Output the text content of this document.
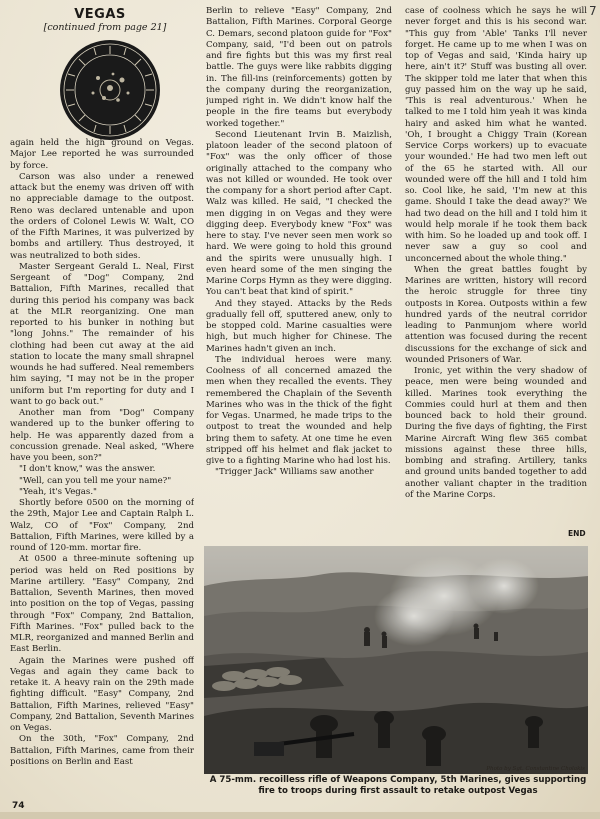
7
VEGAS
[continued from page 21]

again held the high ground on Vegas. Major Lee reported he was surrounded by force.

Carson was also under a renewed attack but the enemy was driven off with no appreciable damage to the outpost. Reno was declared untenable and upon the orders of Colonel Lewis W. Walt, CO of the Fifth Marines, it was pulverized by bombs and artillery. Thus destroyed, it was neutralized to both sides.

Master Sergeant Gerald L. Neal, First Sergeant of "Dog" Company, 2nd Battalion, Fifth Marines, recalled that during this period his company was back at the MLR reorganizing. One man reported to his bunker in nothing but "long Johns." The remainder of his clothing had been cut away at the aid station to locate the many small shrapnel wounds he had suffered. Neal remembers him saying, "I may not be in the proper uniform but I'm reporting for duty and I want to go back out."

Another man from "Dog" Company wandered up to the bunker offering to help. He was apparently dazed from a concussion grenade. Neal asked, "Where have you been, son?"

"I don't know," was the answer.

"Well, can you tell me your name?"

"Yeah, it's Vegas."

Shortly before 0500 on the morning of the 29th, Major Lee and Captain Ralph L. Walz, CO of "Fox" Company, 2nd Battalion, Fifth Marines, were killed by a round of 120-mm. mortar fire.

At 0500 a three-minute softening up period was held on Red positions by Marine artillery. "Easy" Company, 2nd Battalion, Seventh Marines, then moved into position on the top of Vegas, passing through "Fox" Company, 2nd Battalion, Fifth Marines. "Fox" pulled back to the MLR, reorganized and manned Berlin and East Berlin.

Again the Marines were pushed off Vegas and again they came back to retake it. A heavy rain on the 29th made fighting difficult. "Easy" Company, 2nd Battalion, Fifth Marines, relieved "Easy" Company, 2nd Battalion, Seventh Marines on Vegas.

On the 30th, "Fox" Company, 2nd Battalion, Fifth Marines, came from their positions on Berlin and East

Berlin to relieve "Easy" Company, 2nd Battalion, Fifth Marines. Corporal George C. Demars, second platoon guide for "Fox" Company, said, "I'd been out on patrols and fire fights but this was my first real battle. The guys were like rabbits digging in. The fill-ins (reinforcements) gotten by the company during the reorganization, jumped right in. We didn't know half the people in the fire teams but everybody worked together."

Second Lieutenant Irvin B. Maizlish, platoon leader of the second platoon of "Fox" was the only officer of those originally attached to the company who was not killed or wounded. He took over the company for a short period after Capt. Walz was killed. He said, "I checked the men digging in on Vegas and they were digging deep. Everybody knew "Fox" was here to stay. I've never seen men work so hard. We were going to hold this ground and the spirits were unusually high. I even heard some of the men singing the Marine Corps Hymn as they were digging. You can't beat that kind of spirit."

And they stayed. Attacks by the Reds gradually fell off, sputtered anew, only to be stopped cold. Marine casualties were high, but much higher for Chinese. The Marines hadn't given an inch.

The individual heroes were many. Coolness of all concerned amazed the men when they recalled the events. They remembered the Chaplain of the Seventh Marines who was in the thick of the fight for Vegas. Unarmed, he made trips to the outpost to treat the wounded and help bring them to safety. At one time he even stripped off his helmet and flak jacket to give to a fighting Marine who had lost his.

"Trigger Jack" Williams saw another

case of coolness which he says he will never forget and this is his second war. "This guy from 'Able' Tanks I'll never forget. He came up to me when I was on top of Vegas and said, 'Kinda hairy up here, ain't it?' Stuff was busting all over. The skipper told me later that when this guy passed him on the way up he said, 'This is real adventurous.' When he talked to me I told him yeah it was kinda hairy and asked him what he wanted. 'Oh, I brought a Chiggy Train (Korean Service Corps workers) up to evacuate your wounded.' He had two men left out of the 65 he started with. All our wounded were off the hill and I told him so. Cool like, he said, 'I'm new at this game. Should I take the dead away?' We had two dead on the hill and I told him it would help morale if he took them back with him. So he loaded up and took off. I never saw a guy so cool and unconcerned about the whole thing."

When the great battles fought by Marines are written, history will record the heroic struggle for three tiny outposts in Korea. Outposts within a few hundred yards of the neutral corridor leading to Panmunjom where world attention was focused during the recent discussions for the exchange of sick and wounded Prisoners of War.

Ironic, yet within the very shadow of peace, men were being wounded and killed. Marines took everything the Commies could hurl at them and then bounced back to hold their ground. During the five days of fighting, the First Marine Aircraft Wing flew 365 combat missions against these three hills, bombing and strafing. Artillery, tanks and ground units banded together to add another valiant chapter in the tradition of the Marine Corps.

END
Photo by Sgt. Constantine Cholakis
A 75-mm. recoilless rifle of Weapons Company, 5th Marines, gives supporting fire to troops during first assault to retake outpost Vegas
74
